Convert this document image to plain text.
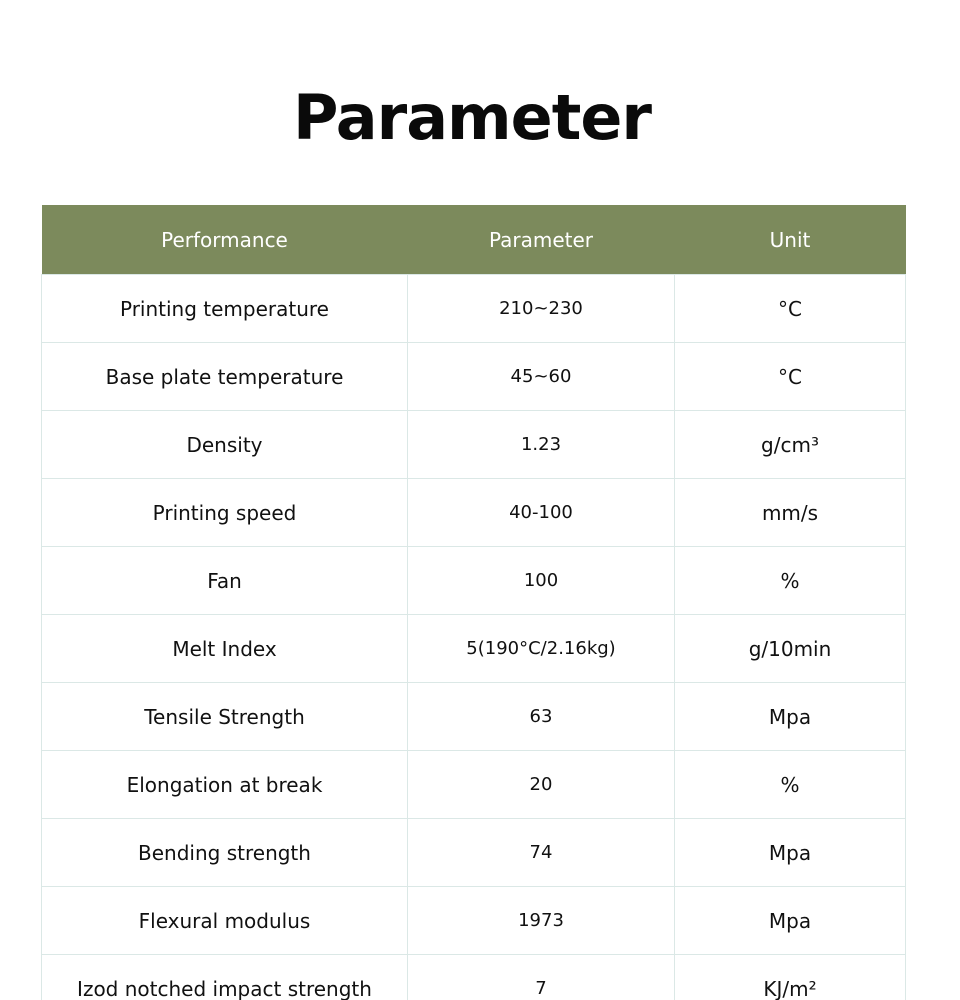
Parameter
Performance	Parameter	Unit
Printing temperature	210~230	°C
Base plate temperature	45~60	°C
Density	1.23	g/cm³
Printing speed	40-100	mm/s
Fan	100	%
Melt Index	5(190°C/2.16kg)	g/10min
Tensile Strength	63	Mpa
Elongation at break	20	%
Bending strength	74	Mpa
Flexural modulus	1973	Mpa
Izod notched impact strength	7	KJ/m²
